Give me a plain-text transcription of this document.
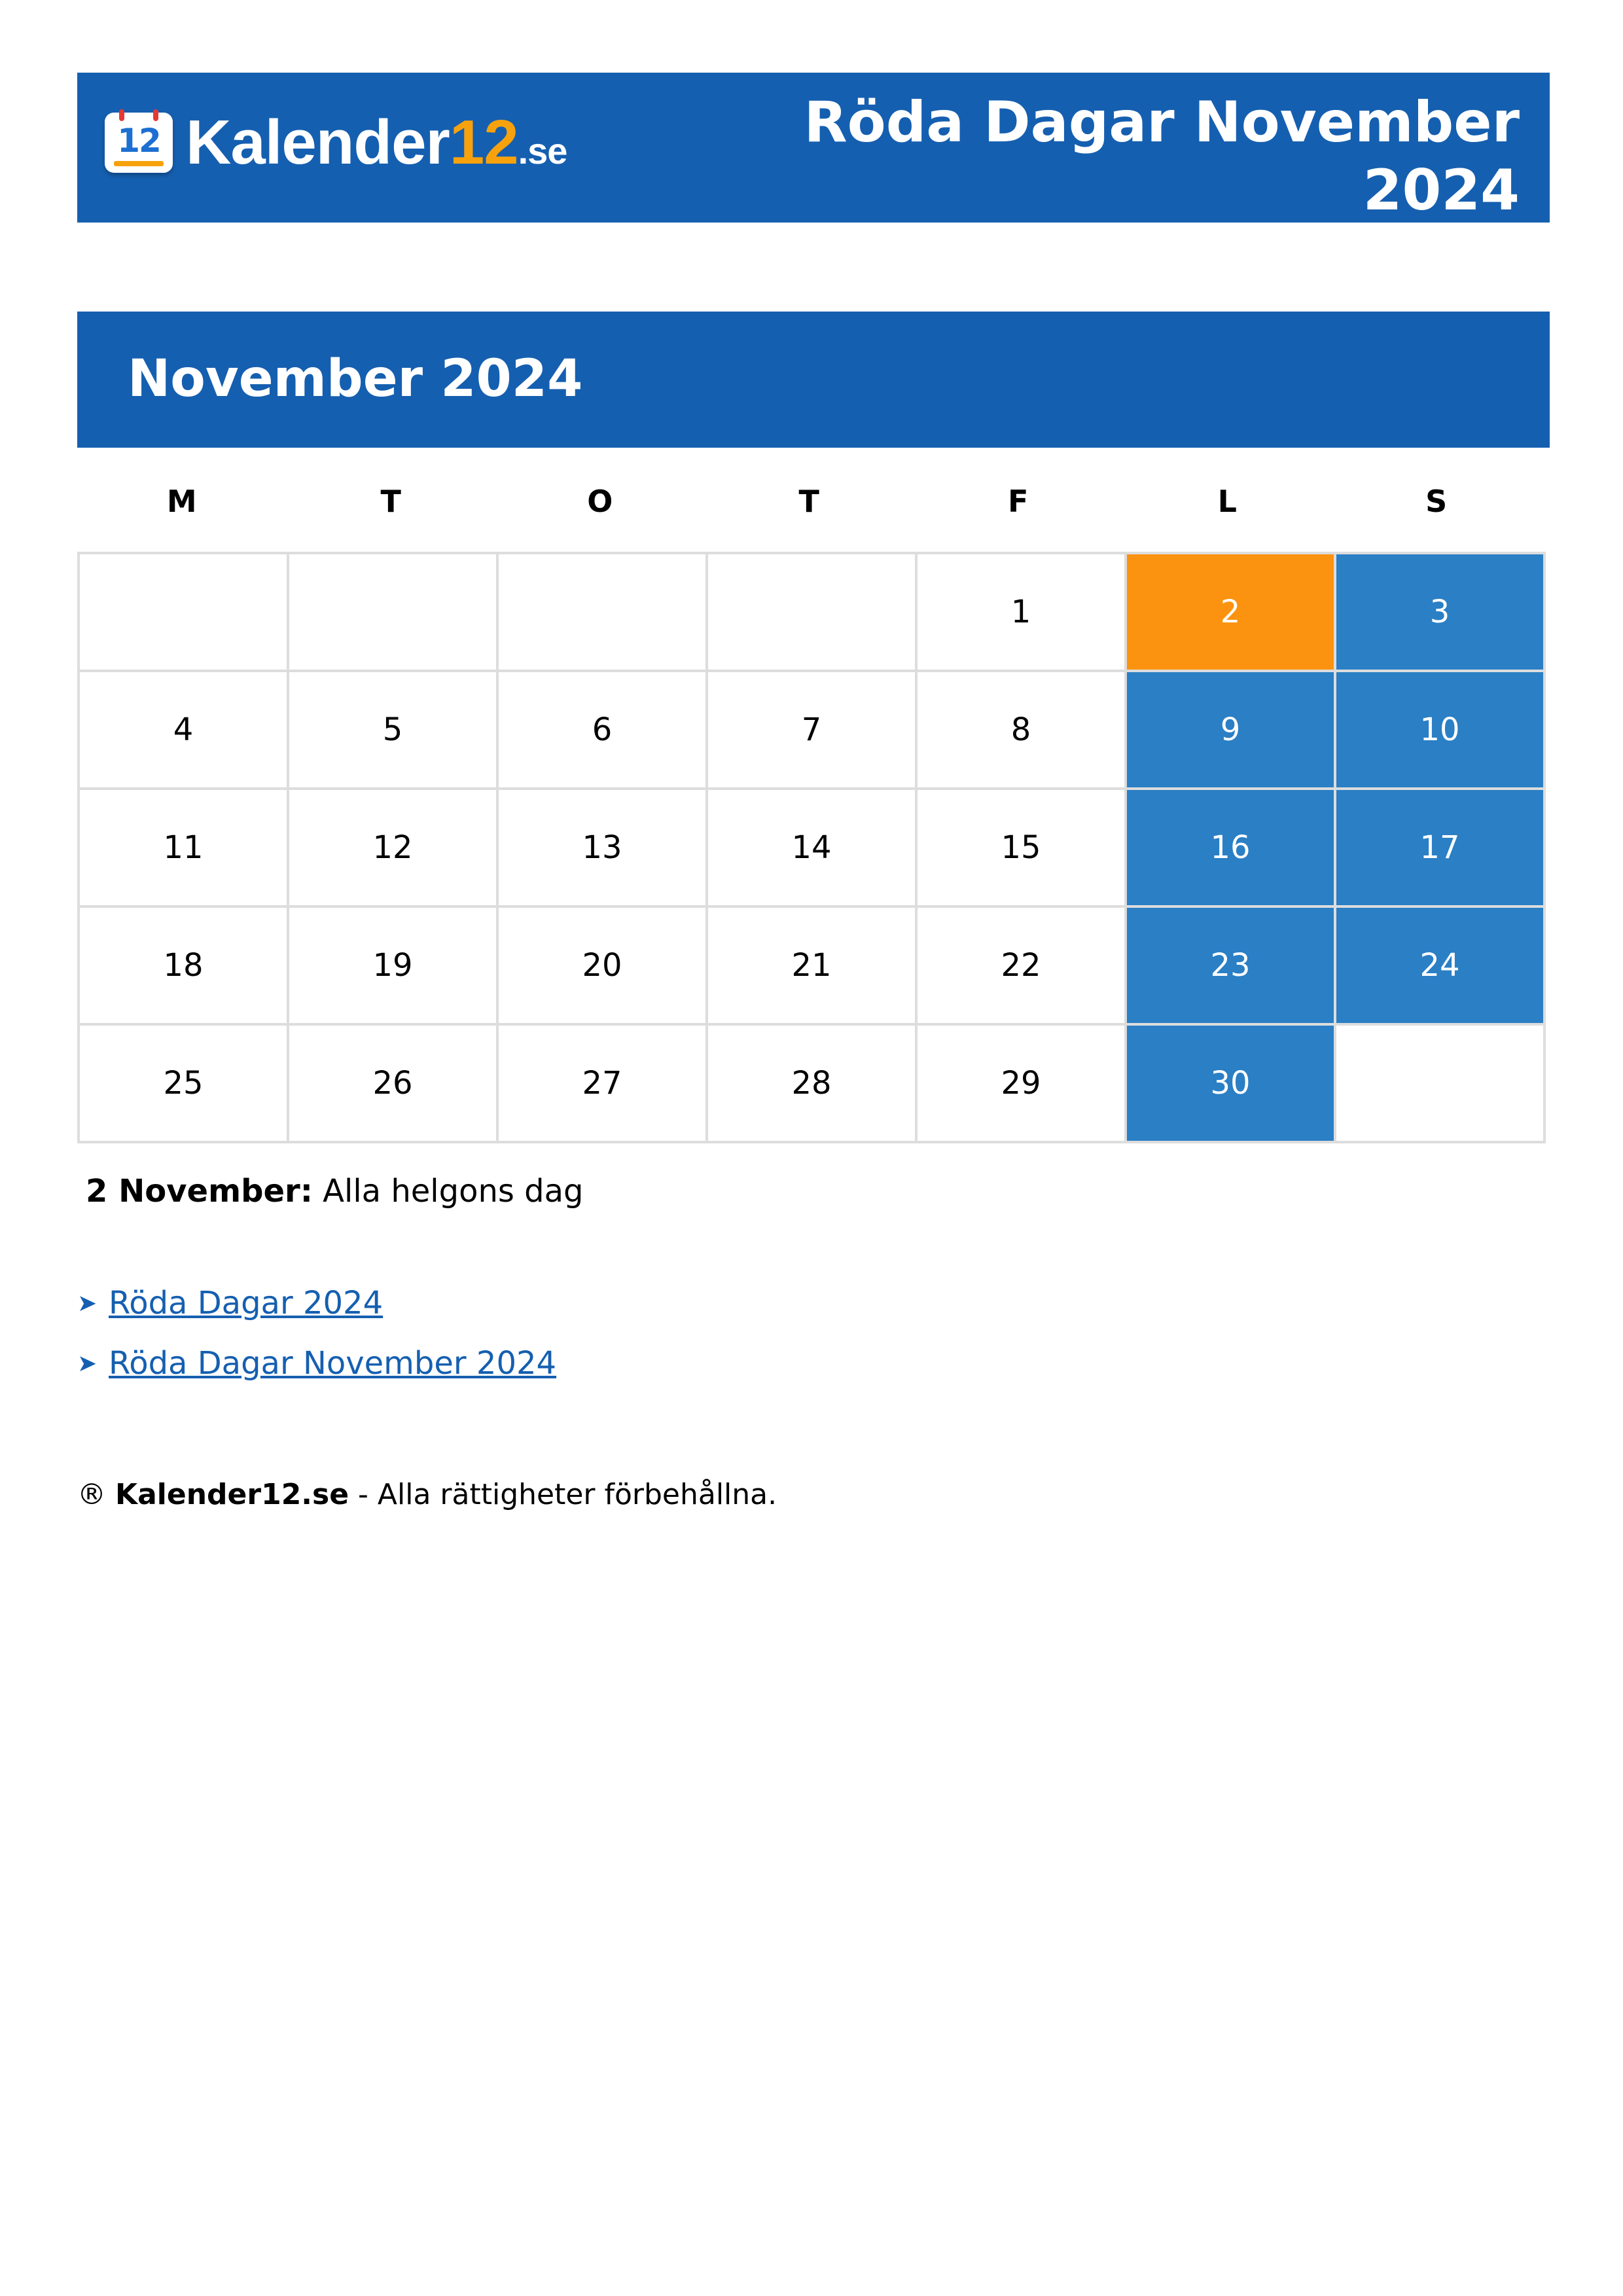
12 Kalender12.se	Röda Dagar November 2024
November 2024
M	T	O	T	F	L	S
				1	2	3
4	5	6	7	8	9	10
11	12	13	14	15	16	17
18	19	20	21	22	23	24
25	26	27	28	29	30	
2 November: Alla helgons dag
➤ Röda Dagar 2024
➤ Röda Dagar November 2024
® Kalender12.se - Alla rättigheter förbehållna.
